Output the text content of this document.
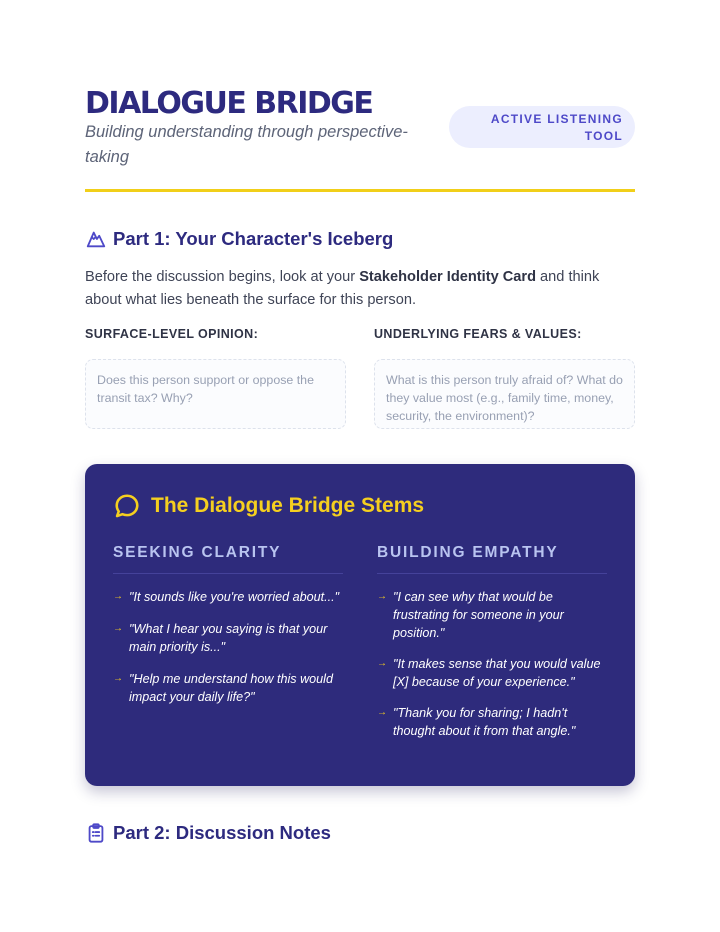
DIALOGUE BRIDGE

Building understanding through perspective-taking

ACTIVE LISTENING TOOL
Part 1: Your Character's Iceberg

Before the discussion begins, look at your Stakeholder Identity Card and think about what lies beneath the surface for this person.

SURFACE-LEVEL OPINION:	UNDERLYING FEARS & VALUES:
Does this person support or oppose the transit tax? Why?
What is this person truly afraid of? What do they value most (e.g., family time, money, security, the environment)?
The Dialogue Bridge Stems
SEEKING CLARITY
→ "It sounds like you're worried about..."
→ "What I hear you saying is that your main priority is..."
→ "Help me understand how this would impact your daily life?"
BUILDING EMPATHY
→ "I can see why that would be frustrating for someone in your position."
→ "It makes sense that you would value [X] because of your experience."
→ "Thank you for sharing; I hadn't thought about it from that angle."
Part 2: Discussion Notes
